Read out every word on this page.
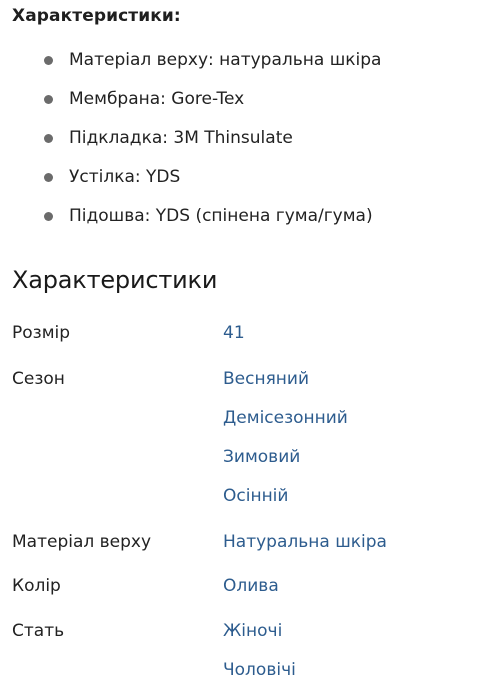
Характеристики:
Матеріал верху: натуральна шкіра
Мембрана: Gore-Tex
Підкладка: 3M Thinsulate
Устілка: YDS
Підошва: YDS (спінена гума/гума)
Характеристики
Розмір	41
Сезон	Весняний
Демісезонний
Зимовий
Осінній
Матеріал верху	Натуральна шкіра
Колір	Олива
Стать	Жіночі
Чоловічі
